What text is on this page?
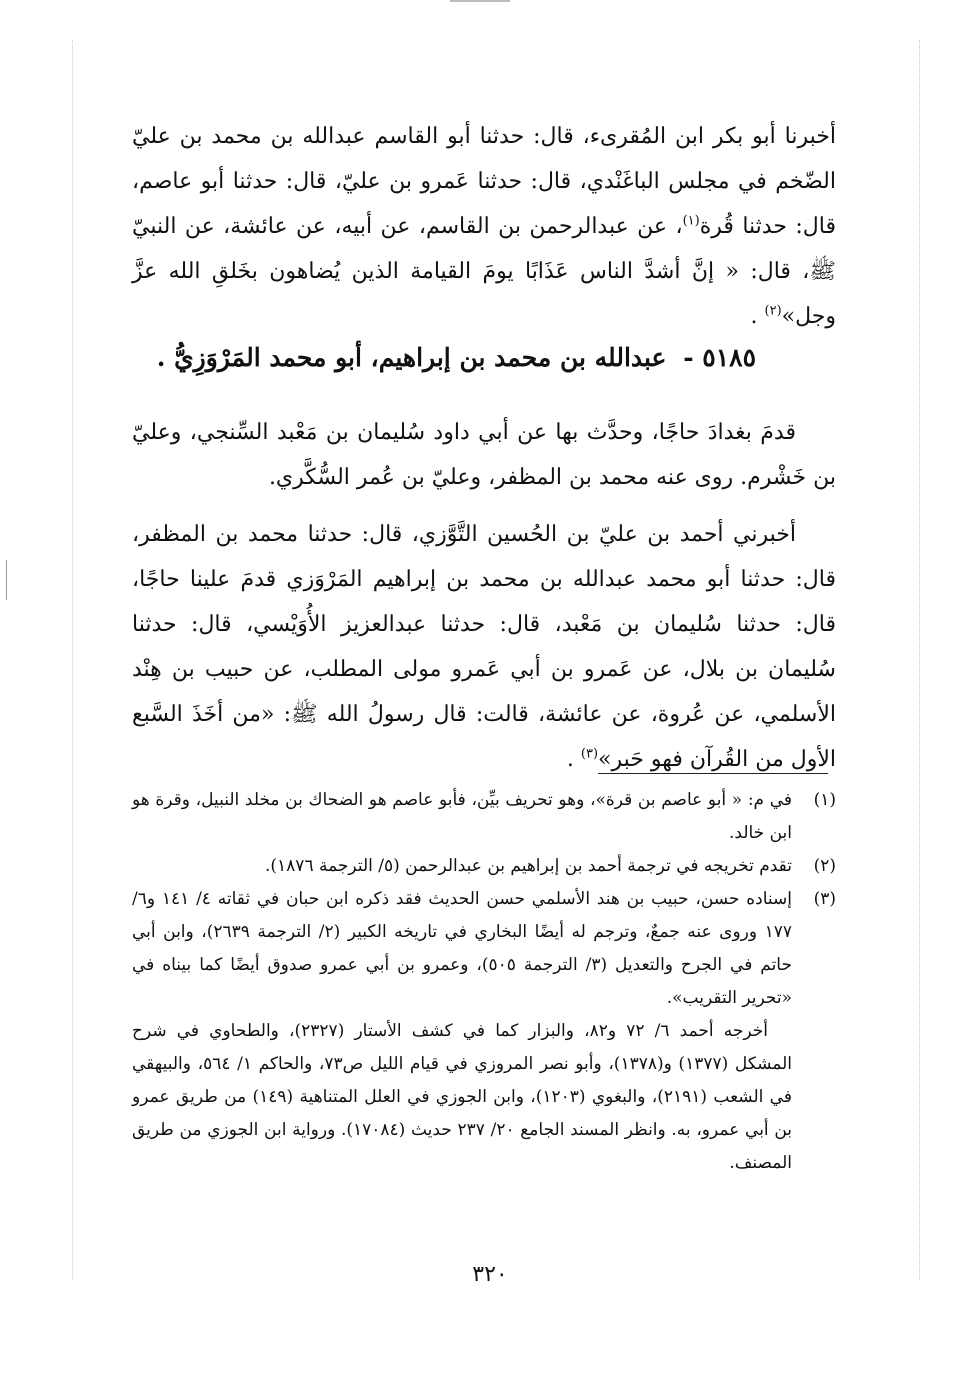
أخبرنا أبو بكر ابن المُقرىء، قال: حدثنا أبو القاسم عبدالله بن محمد بن عليّ الضّخم في مجلس الباغَنْدي، قال: حدثنا عَمرو بن عليّ، قال: حدثنا أبو عاصم، قال: حدثنا قُرة$^{(١)}$، عن عبدالرحمن بن القاسم، عن أبيه، عن عائشة، عن النبيّ ﷺ، قال: « إنَّ أشدَّ الناس عَذَابًا يومَ القيامة الذين يُضاهون بخَلقِ الله عزَّ وجل»$^{(٢)}$ .

٥١٨٥ - عبدالله بن محمد بن إبراهيم، أبو محمد المَرْوَزِيُّ .

قدمَ بغدادَ حاجًا، وحدَّث بها عن أبي داود سُليمان بن مَعْبد السِّنجي، وعليّ بن خَشْرم. روى عنه محمد بن المظفر، وعليّ بن عُمر السُّكَّري.

أخبرني أحمد بن عليّ بن الحُسين التَّوَّزي، قال: حدثنا محمد بن المظفر، قال: حدثنا أبو محمد عبدالله بن محمد بن إبراهيم المَرْوَزي قدمَ علينا حاجًا، قال: حدثنا سُليمان بن مَعْبد، قال: حدثنا عبدالعزيز الأُوَيْسي، قال: حدثنا سُليمان بن بلال، عن عَمرو بن أبي عَمرو مولى المطلب، عن حبيب بن هِنْد الأسلمي، عن عُروة، عن عائشة، قالت: قال رسولُ الله ﷺ: «من أخَذَ السَّبع الأول من القُرآن فهو حَبر»$^{(٣)}$ .

(١)
في م: « أبو عاصم بن قرة»، وهو تحريف بيِّن، فأبو عاصم هو الضحاك بن مخلد النبيل، وقرة هو ابن خالد.
(٢)
تقدم تخريجه في ترجمة أحمد بن إبراهيم بن عبدالرحمن (٥/ الترجمة ١٨٧٦).
(٣)
إسناده حسن، حبيب بن هند الأسلمي حسن الحديث فقد ذكره ابن حبان في ثقاته ٤/ ١٤١ و٦/ ١٧٧ وروى عنه جمعٌ، وترجم له أيضًا البخاري في تاريخه الكبير (٢/ الترجمة ٢٦٣٩)، وابن أبي حاتم في الجرح والتعديل (٣/ الترجمة ٥٠٥)، وعمرو بن أبي عمرو صدوق أيضًا كما بيناه في «تحرير التقريب».

أخرجه أحمد ٦/ ٧٢ و٨٢، والبزار كما في كشف الأستار (٢٣٢٧)، والطحاوي في شرح المشكل (١٣٧٧) و(١٣٧٨)، وأبو نصر المروزي في قيام الليل ص٧٣، والحاكم ١/ ٥٦٤، والبيهقي في الشعب (٢١٩١)، والبغوي (١٢٠٣)، وابن الجوزي في العلل المتناهية (١٤٩) من طريق عمرو بن أبي عمرو، به. وانظر المسند الجامع ٢٠/ ٢٣٧ حديث (١٧٠٨٤). ورواية ابن الجوزي من طريق المصنف.

٣٢٠
